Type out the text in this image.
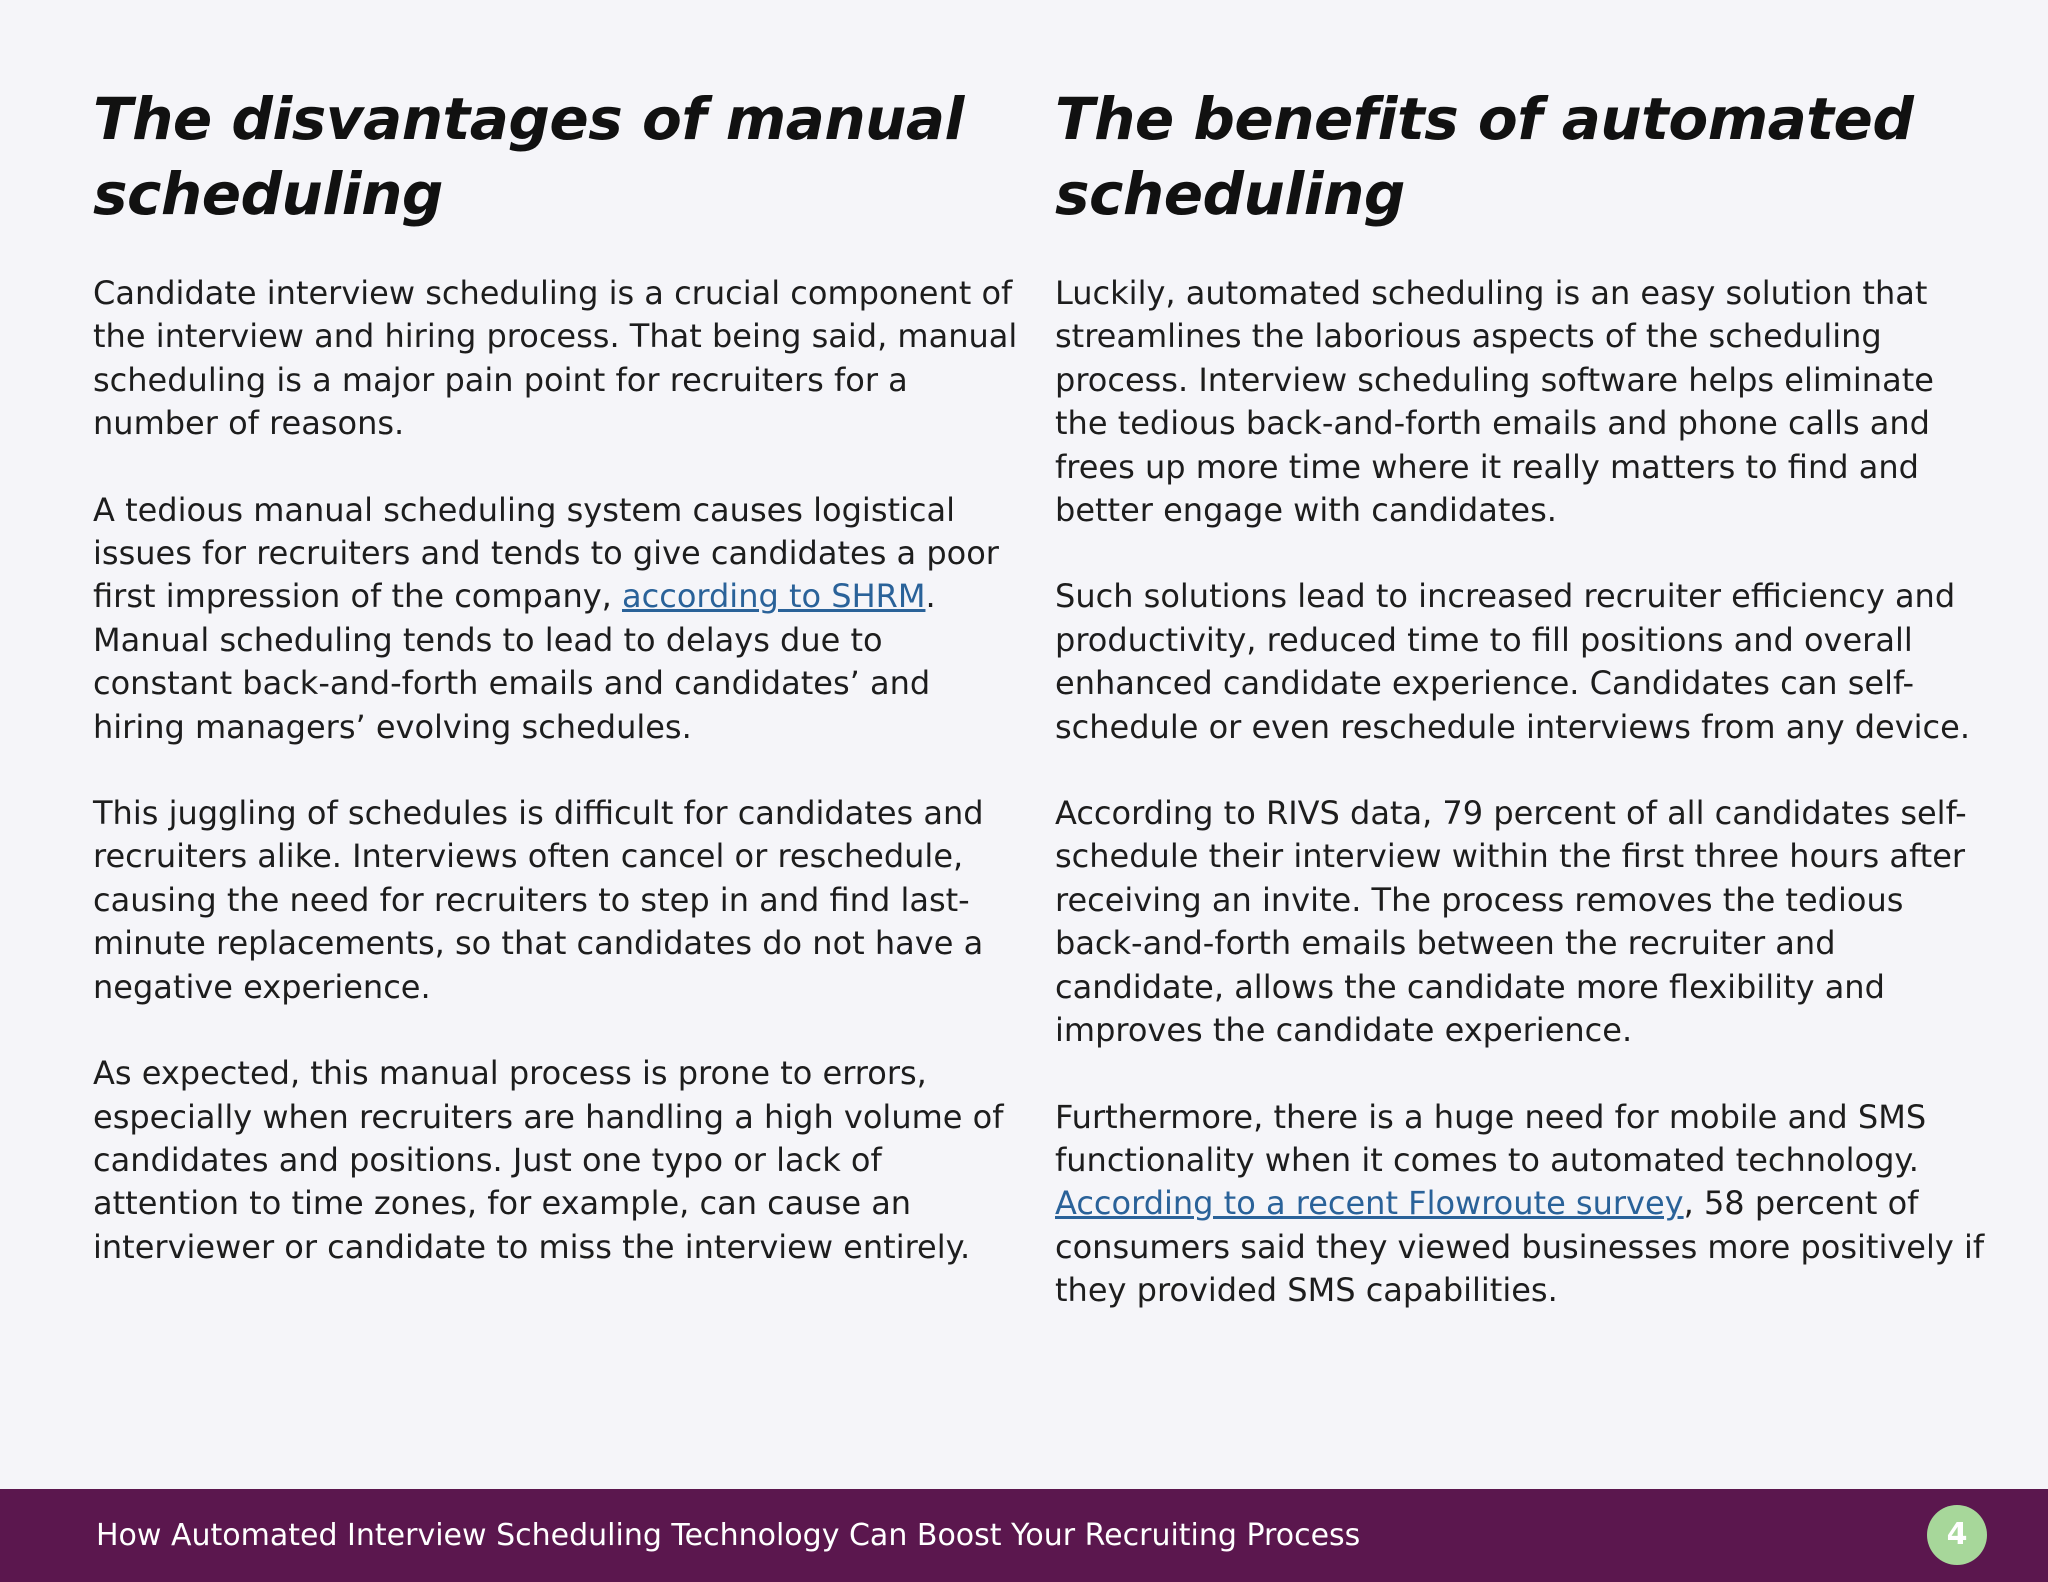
The disvantages of manual
scheduling

Candidate interview scheduling is a crucial component of the interview and hiring process. That being said, manual scheduling is a major pain point for recruiters for a number of reasons.

A tedious manual scheduling system causes logistical issues for recruiters and tends to give candidates a poor first impression of the company, according to SHRM. Manual scheduling tends to lead to delays due to constant back-and-forth emails and candidates’ and hiring managers’ evolving schedules.

This juggling of schedules is difficult for candidates and recruiters alike. Interviews often cancel or reschedule, causing the need for recruiters to step in and find last-minute replacements, so that candidates do not have a negative experience.

As expected, this manual process is prone to errors, especially when recruiters are handling a high volume of candidates and positions. Just one typo or lack of attention to time zones, for example, can cause an interviewer or candidate to miss the interview entirely.

The benefits of automated
scheduling

Luckily, automated scheduling is an easy solution that streamlines the laborious aspects of the scheduling process. Interview scheduling software helps eliminate the tedious back-and-forth emails and phone calls and frees up more time where it really matters to find and better engage with candidates.

Such solutions lead to increased recruiter efficiency and productivity, reduced time to fill positions and overall enhanced candidate experience. Candidates can self-schedule or even reschedule interviews from any device.

According to RIVS data, 79 percent of all candidates self-schedule their interview within the first three hours after receiving an invite. The process removes the tedious back-and-forth emails between the recruiter and candidate, allows the candidate more flexibility and improves the candidate experience.

Furthermore, there is a huge need for mobile and SMS functionality when it comes to automated technology. According to a recent Flowroute survey, 58 percent of consumers said they viewed businesses more positively if they provided SMS capabilities.

How Automated Interview Scheduling Technology Can Boost Your Recruiting Process	4
